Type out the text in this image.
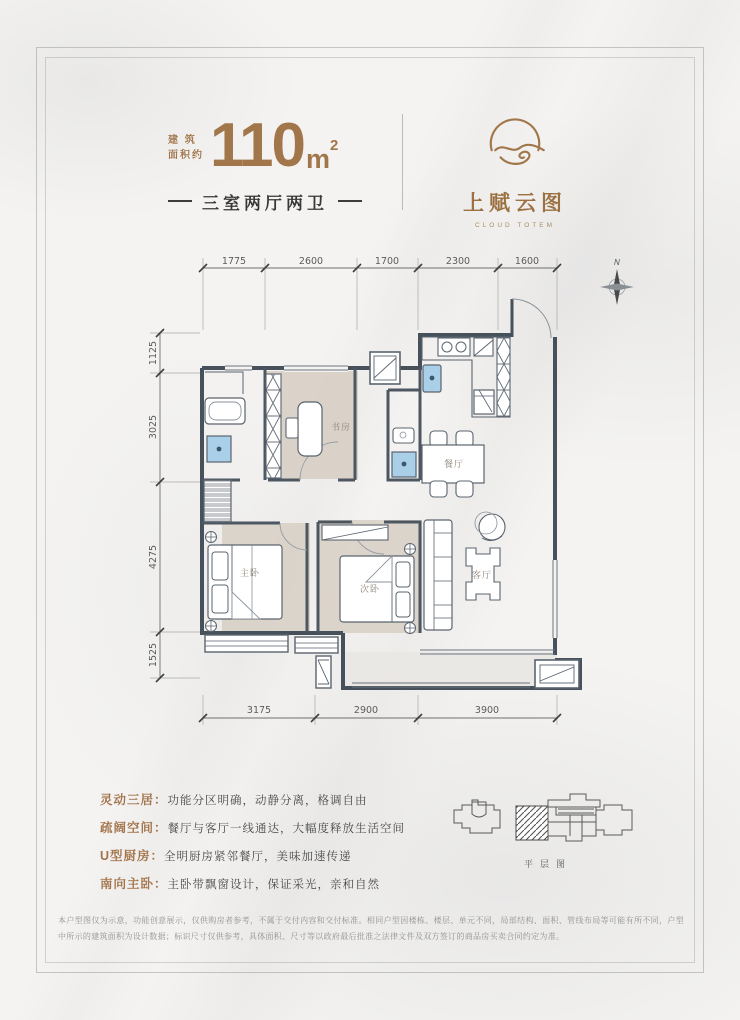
建 筑
面积约 110 $m^2$
三室两厅两卫	上赋云图
CLOUD TOTEM
N
1775	2600	1700	2300	1600
1125
3025
4275
1525
3175	2900	3900
书房
餐厅
主卧
次卧
客厅
灵动三居： 功能分区明确，动静分离，格调自由
疏阔空间： 餐厅与客厅一线通达，大幅度释放生活空间
U型厨房： 全明厨房紧邻餐厅，美味加速传递
南向主卧： 主卧带飘窗设计，保证采光，亲和自然
平层图
本户型图仅为示意，功能创意展示，仅供购房者参考，不属于交付内容和交付标准。相同户型因楼栋、楼层、单元不同，局部结构、面积、管线布局等可能有所不同，户型中所示的建筑面积为设计数据；标识尺寸仅供参考，具体面积、尺寸等以政府最后批准之法律文件及双方签订的商品房买卖合同约定为准。
